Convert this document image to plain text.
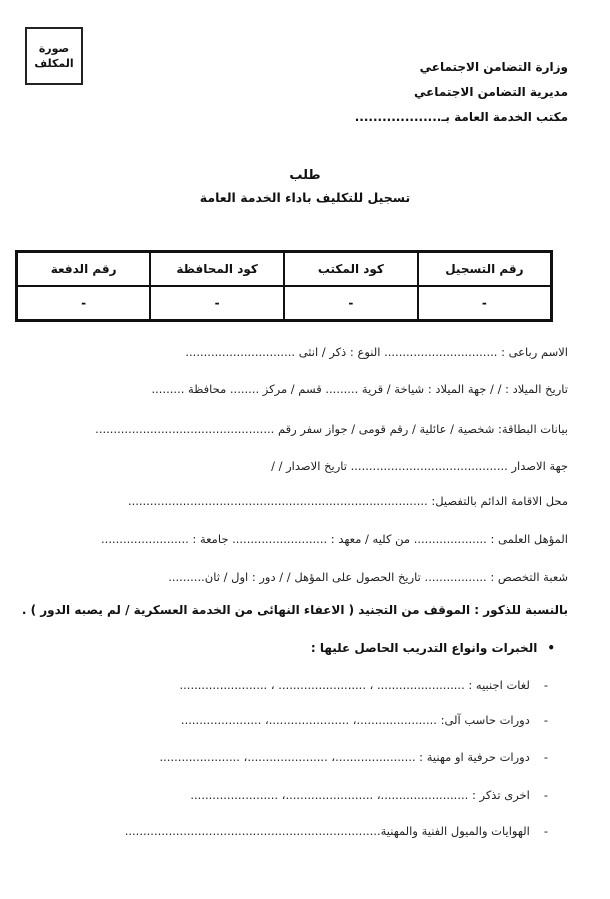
صورة
المكلف	وزارة التضامن الاجتماعي
مديرية التضامن الاجتماعي
مكتب الخدمة العامة بـ...................
طلب
تسجيل للتكليف باداء الخدمة العامة
رقم التسجيل	كود المكتب	كود المحافظة	رقم الدفعة
-	-	-	-
الاسم رباعى : ............................... النوع : ذكر / انثى ..............................
تاريخ الميلاد : / / جهة الميلاد : شياخة / قرية ......... قسم / مركز ........ محافظة .........
بيانات البطاقة: شخصية / عائلية / رقم قومى / جواز سفر رقم .................................................
جهة الاصدار ........................................... تاريخ الاصدار / /
محل الاقامة الدائم بالتفصيل: ..................................................................................
المؤهل العلمى : .................... من كليه / معهد : .......................... جامعة : ........................
شعبة التخصص : ................. تاريخ الحصول على المؤهل / / دور : اول / ثان..........
بالنسبة للذكور : الموقف من التجنيد ( الاعفاء النهائى من الخدمة العسكرية / لم يصبه الدور ) .
•الخبرات وانواع التدريب الحاصل عليها :
-لغات اجنبيه : ........................ ، ........................ ، ........................
-دورات حاسب آلى: ......................، ......................، ......................
-دورات حرفية او مهنية : ......................، ......................، ......................
-اخرى تذكر : ........................، ........................، ........................
-الهوايات والميول الفنية والمهنية......................................................................
